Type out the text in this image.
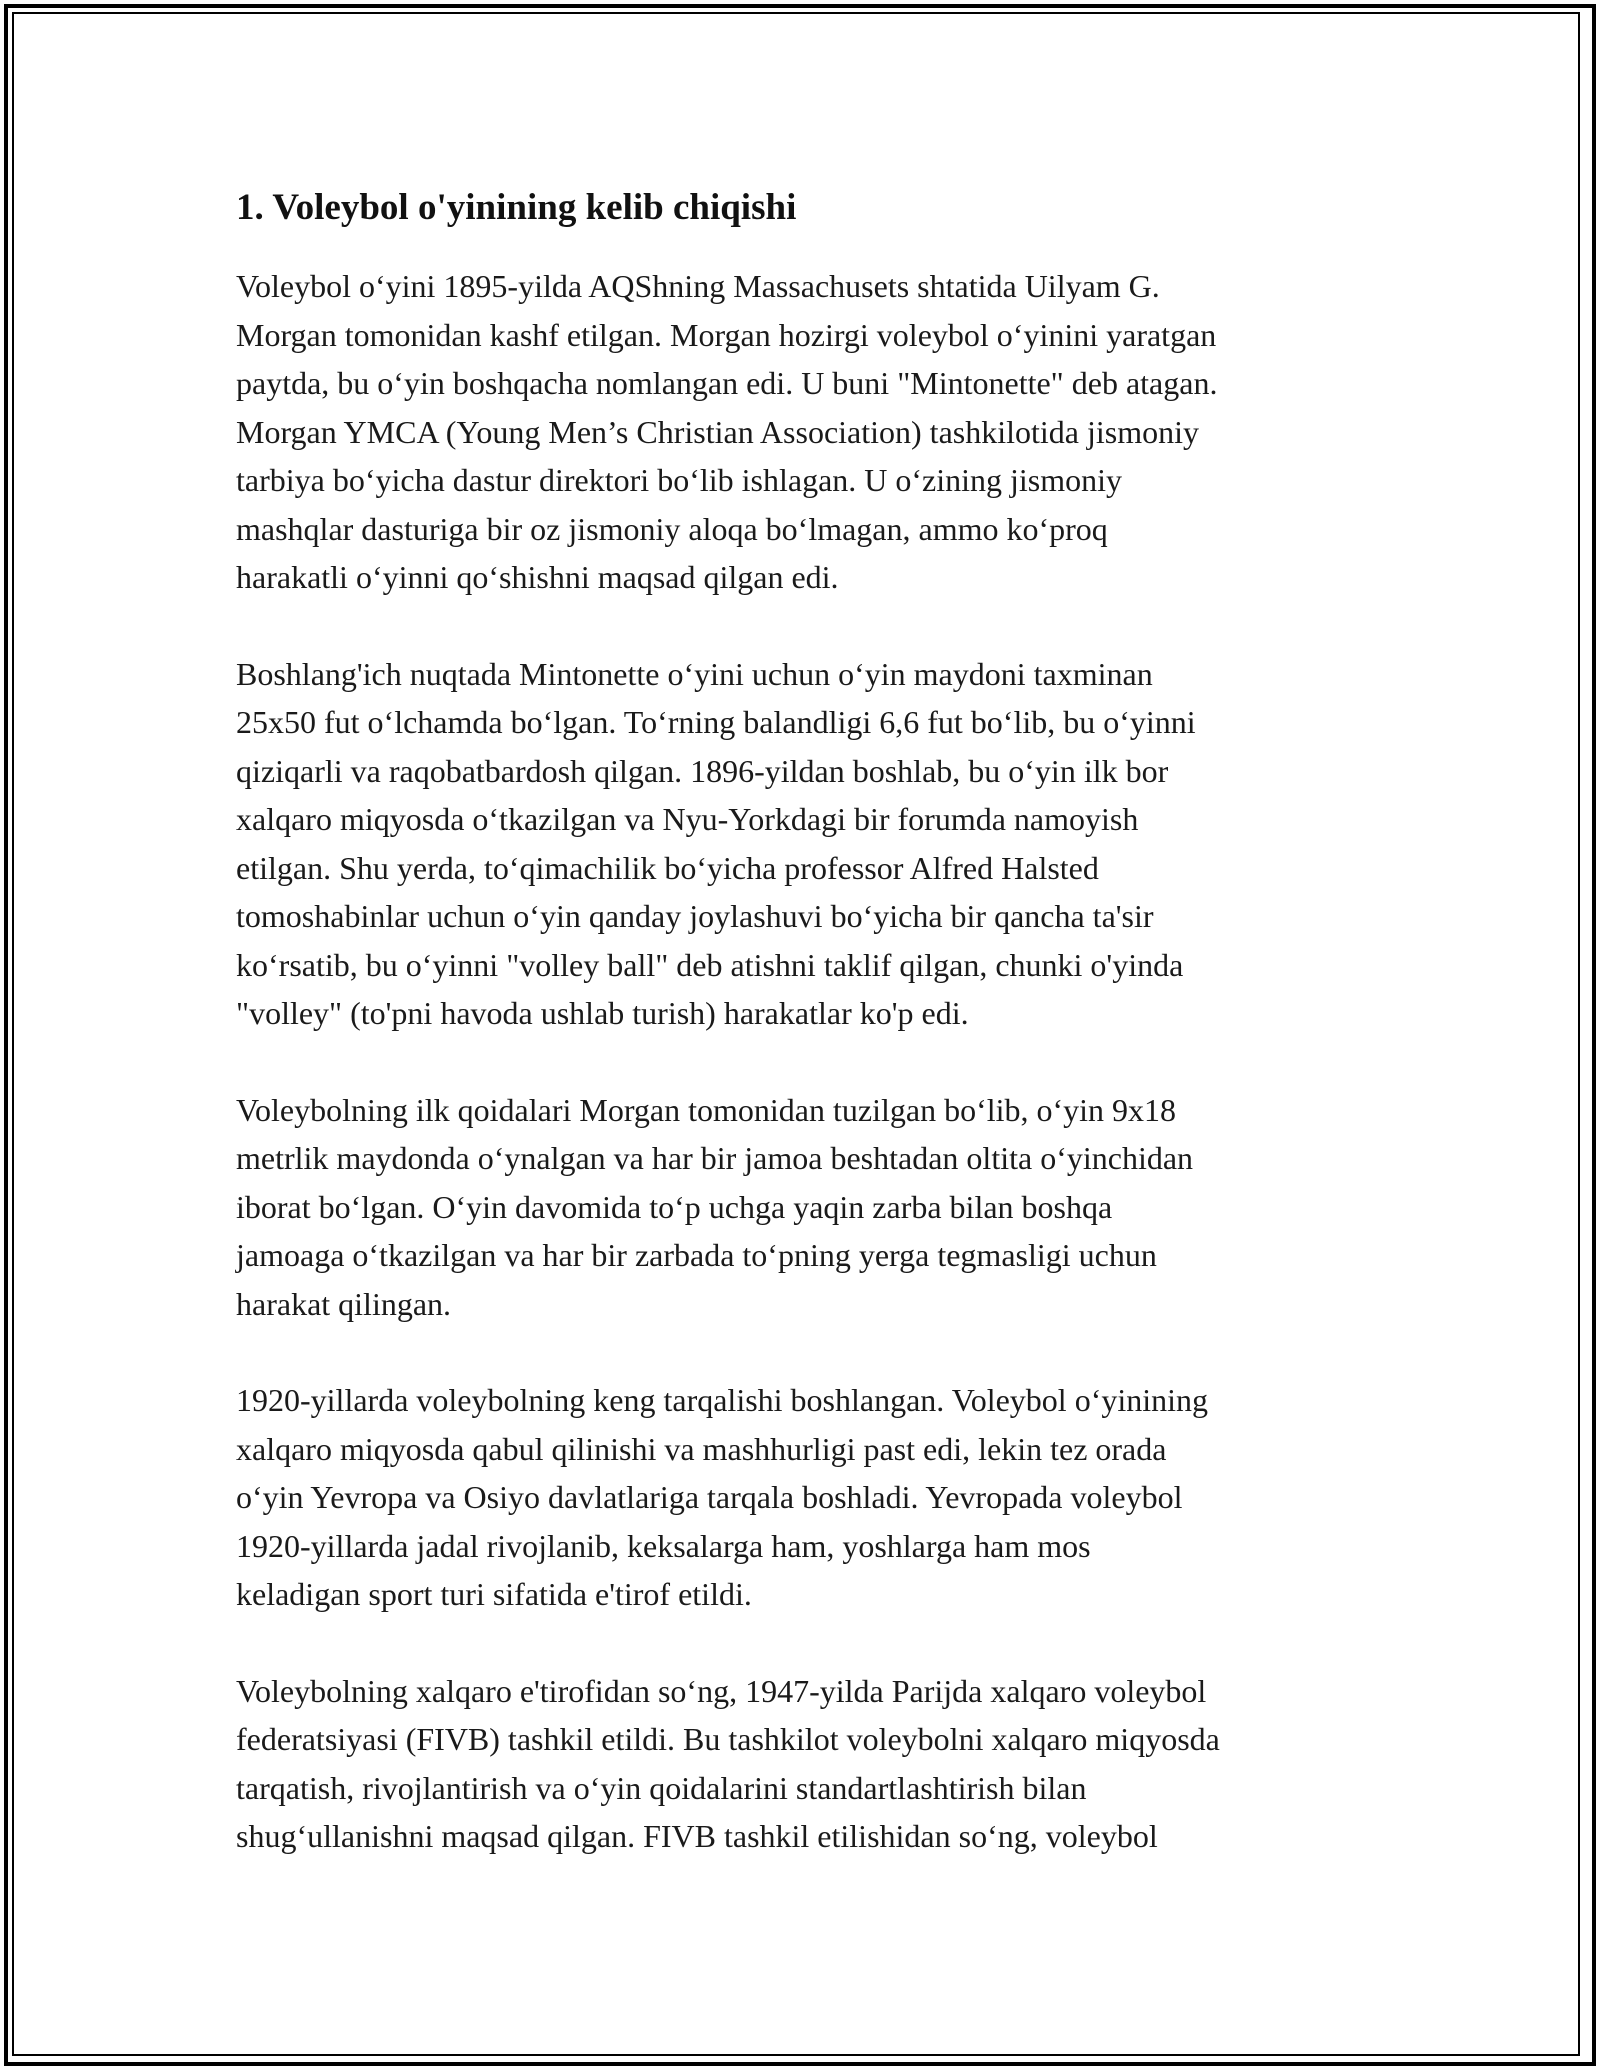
1. Voleybol o'yinining kelib chiqishi

Voleybol o‘yini 1895-yilda AQShning Massachusets shtatida Uilyam G.
Morgan tomonidan kashf etilgan. Morgan hozirgi voleybol o‘yinini yaratgan
paytda, bu o‘yin boshqacha nomlangan edi. U buni "Mintonette" deb atagan.
Morgan YMCA (Young Men’s Christian Association) tashkilotida jismoniy
tarbiya bo‘yicha dastur direktori bo‘lib ishlagan. U o‘zining jismoniy
mashqlar dasturiga bir oz jismoniy aloqa bo‘lmagan, ammo ko‘proq
harakatli o‘yinni qo‘shishni maqsad qilgan edi.

Boshlang'ich nuqtada Mintonette o‘yini uchun o‘yin maydoni taxminan
25x50 fut o‘lchamda bo‘lgan. To‘rning balandligi 6,6 fut bo‘lib, bu o‘yinni
qiziqarli va raqobatbardosh qilgan. 1896-yildan boshlab, bu o‘yin ilk bor
xalqaro miqyosda o‘tkazilgan va Nyu-Yorkdagi bir forumda namoyish
etilgan. Shu yerda, to‘qimachilik bo‘yicha professor Alfred Halsted
tomoshabinlar uchun o‘yin qanday joylashuvi bo‘yicha bir qancha ta'sir
ko‘rsatib, bu o‘yinni "volley ball" deb atishni taklif qilgan, chunki o'yinda
"volley" (to'pni havoda ushlab turish) harakatlar ko'p edi.

Voleybolning ilk qoidalari Morgan tomonidan tuzilgan bo‘lib, o‘yin 9x18
metrlik maydonda o‘ynalgan va har bir jamoa beshtadan oltita o‘yinchidan
iborat bo‘lgan. O‘yin davomida to‘p uchga yaqin zarba bilan boshqa
jamoaga o‘tkazilgan va har bir zarbada to‘pning yerga tegmasligi uchun
harakat qilingan.

1920-yillarda voleybolning keng tarqalishi boshlangan. Voleybol o‘yinining
xalqaro miqyosda qabul qilinishi va mashhurligi past edi, lekin tez orada
o‘yin Yevropa va Osiyo davlatlariga tarqala boshladi. Yevropada voleybol
1920-yillarda jadal rivojlanib, keksalarga ham, yoshlarga ham mos
keladigan sport turi sifatida e'tirof etildi.

Voleybolning xalqaro e'tirofidan so‘ng, 1947-yilda Parijda xalqaro voleybol
federatsiyasi (FIVB) tashkil etildi. Bu tashkilot voleybolni xalqaro miqyosda
tarqatish, rivojlantirish va o‘yin qoidalarini standartlashtirish bilan
shug‘ullanishni maqsad qilgan. FIVB tashkil etilishidan so‘ng, voleybol
